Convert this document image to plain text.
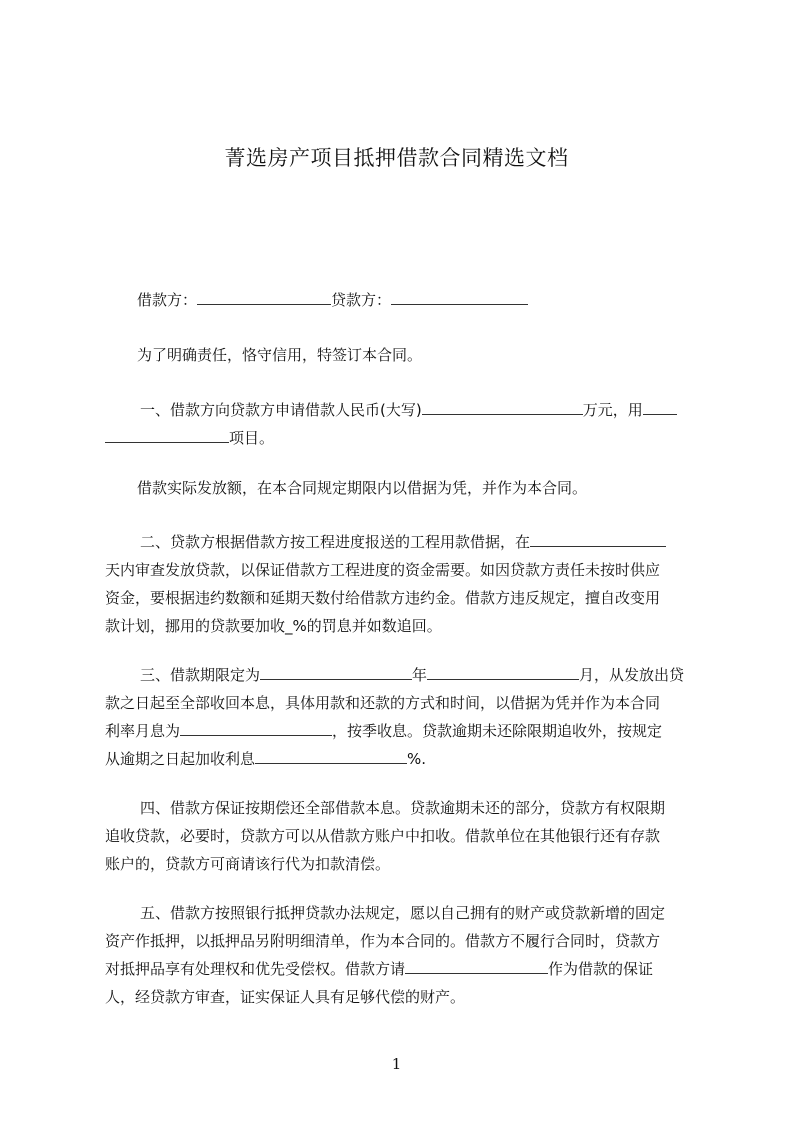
菁选房产项目抵押借款合同精选文档
借款方：	贷款方：
为了明确责任，恪守信用，特签订本合同。
一、借款方向贷款方申请借款人民币(大写)	万元，用
项目。
借款实际发放额，在本合同规定期限内以借据为凭，并作为本合同。
二、贷款方根据借款方按工程进度报送的工程用款借据，在
天内审查发放贷款，以保证借款方工程进度的资金需要。如因贷款方责任未按时供应
资金，要根据违约数额和延期天数付给借款方违约金。借款方违反规定，擅自改变用
款计划，挪用的贷款要加收_%的罚息并如数追回。
三、借款期限定为	年	月，从发放出贷
款之日起至全部收回本息，具体用款和还款的方式和时间，以借据为凭并作为本合同
利率月息为	，按季收息。贷款逾期未还除限期追收外，按规定
从逾期之日起加收利息	%.
四、借款方保证按期偿还全部借款本息。贷款逾期未还的部分，贷款方有权限期
追收贷款，必要时，贷款方可以从借款方账户中扣收。借款单位在其他银行还有存款
账户的，贷款方可商请该行代为扣款清偿。
五、借款方按照银行抵押贷款办法规定，愿以自己拥有的财产或贷款新增的固定
资产作抵押，以抵押品另附明细清单，作为本合同的。借款方不履行合同时，贷款方
对抵押品享有处理权和优先受偿权。借款方请	作为借款的保证
人，经贷款方审查，证实保证人具有足够代偿的财产。
1
